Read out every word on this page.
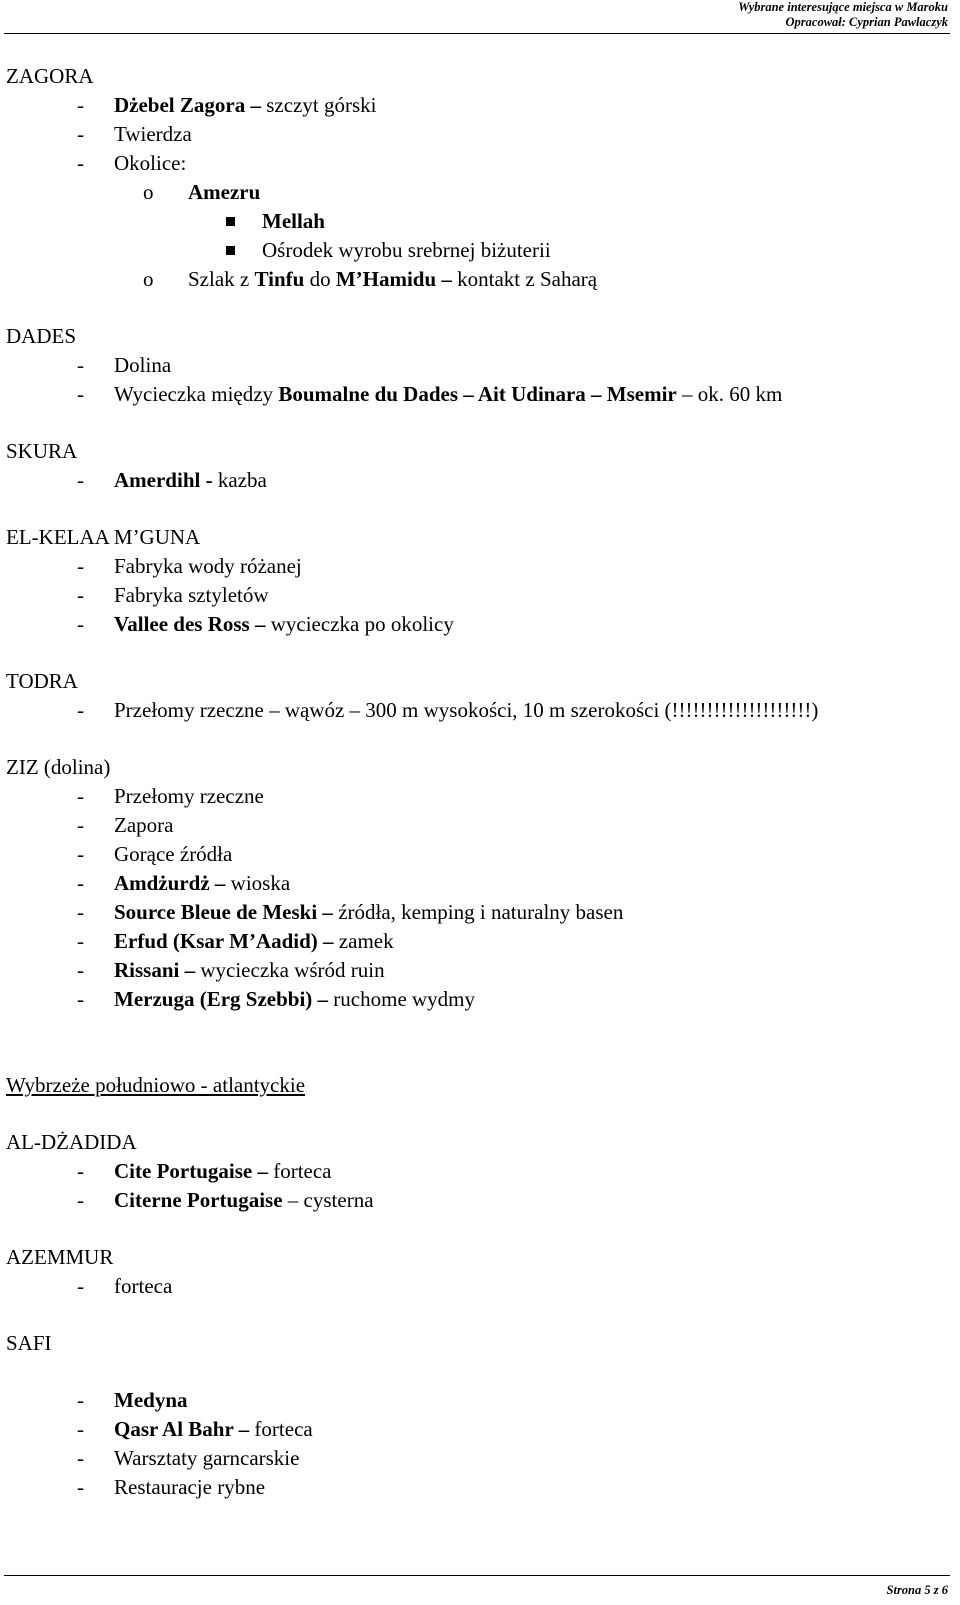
Wybrane interesujące miejsca w Maroku
Opracował: Cyprian Pawlaczyk
ZAGORA
- Dżebel Zagora – szczyt górski
- Twierdza
- Okolice:
o Amezru
Mellah
Ośrodek wyrobu srebrnej biżuterii
o Szlak z Tinfu do M’Hamidu – kontakt z Saharą
DADES
- Dolina
- Wycieczka między Boumalne du Dades – Ait Udinara – Msemir – ok. 60 km
SKURA
- Amerdihl - kazba
EL-KELAA M’GUNA
- Fabryka wody różanej
- Fabryka sztyletów
- Vallee des Ross – wycieczka po okolicy
TODRA
- Przełomy rzeczne – wąwóz – 300 m wysokości, 10 m szerokości (!!!!!!!!!!!!!!!!!!!!)
ZIZ (dolina)
- Przełomy rzeczne
- Zapora
- Gorące źródła
- Amdżurdż – wioska
- Source Bleue de Meski – źródła, kemping i naturalny basen
- Erfud (Ksar M’Aadid) – zamek
- Rissani – wycieczka wśród ruin
- Merzuga (Erg Szebbi) – ruchome wydmy
Wybrzeże południowo - atlantyckie
AL-DŻADIDA
- Cite Portugaise – forteca
- Citerne Portugaise – cysterna
AZEMMUR
- forteca
SAFI
- Medyna
- Qasr Al Bahr – forteca
- Warsztaty garncarskie
- Restauracje rybne
Strona 5 z 6
